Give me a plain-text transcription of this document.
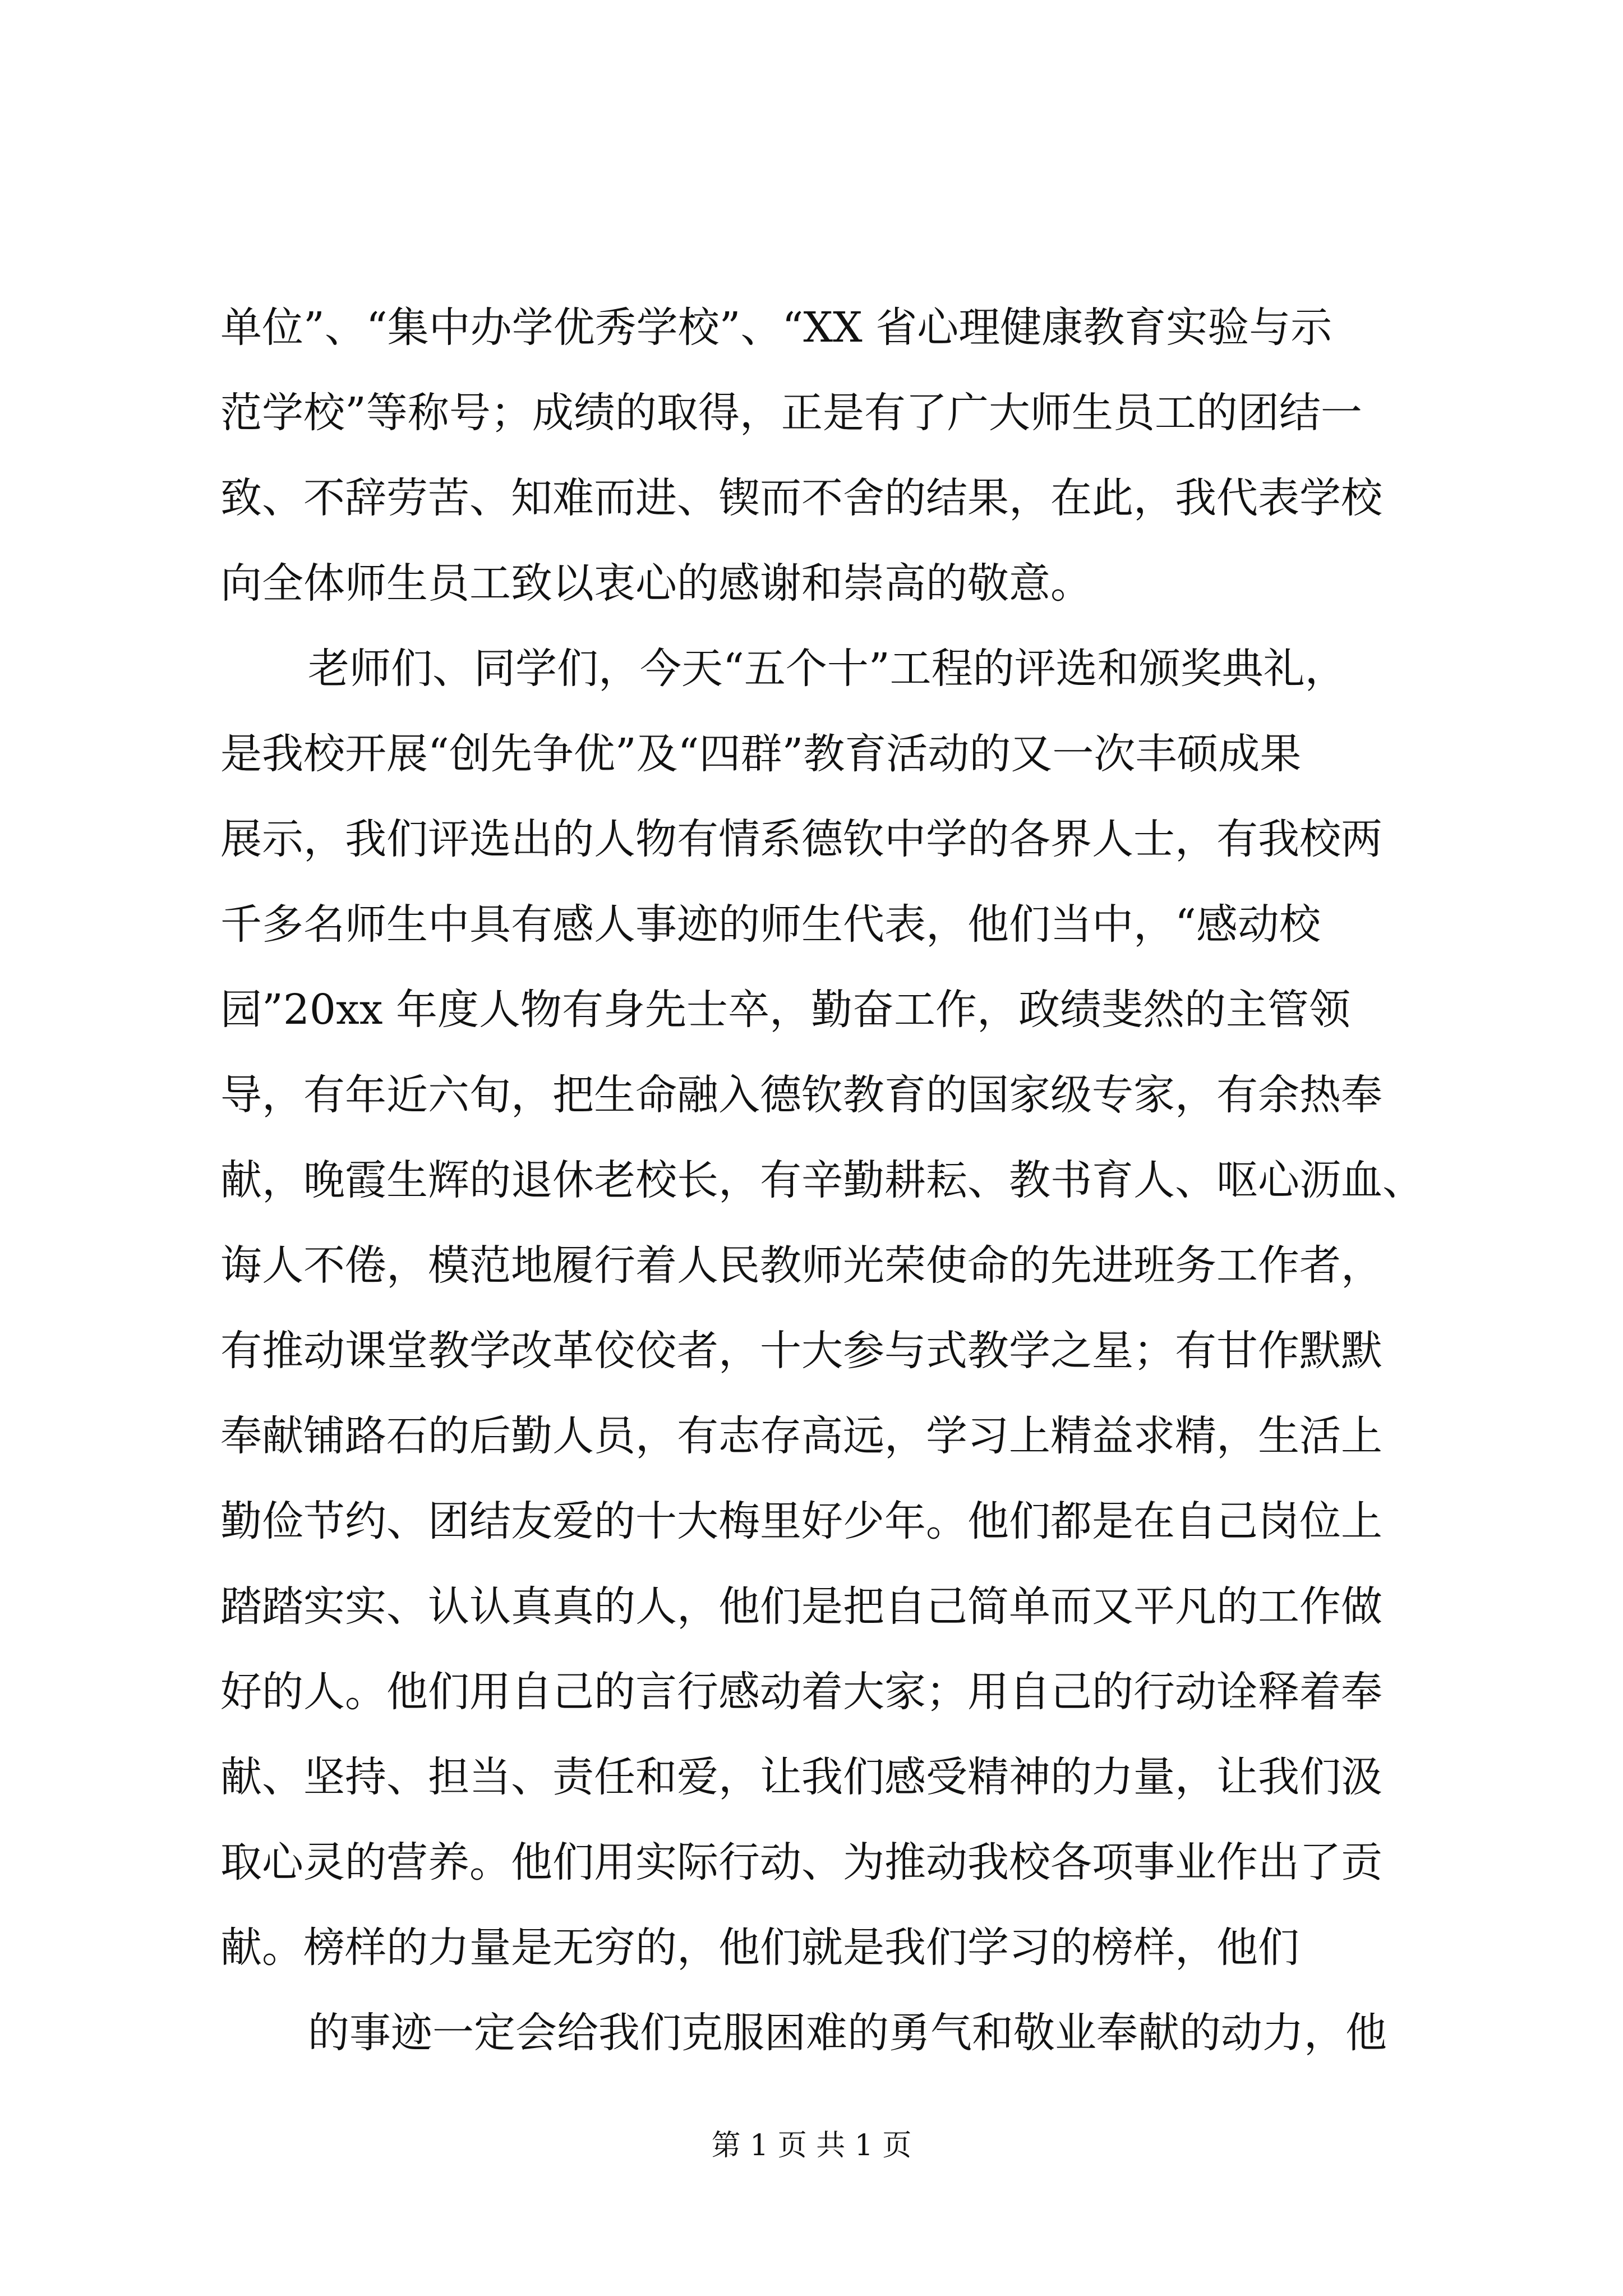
单位”、“集中办学优秀学校”、“XX 省心理健康教育实验与示
范学校”等称号；成绩的取得，正是有了广大师生员工的团结一
致、不辞劳苦、知难而进、锲而不舍的结果，在此，我代表学校
向全体师生员工致以衷心的感谢和崇高的敬意。
老师们、同学们，今天“五个十”工程的评选和颁奖典礼，
是我校开展“创先争优”及“四群”教育活动的又一次丰硕成果
展示，我们评选出的人物有情系德钦中学的各界人士，有我校两
千多名师生中具有感人事迹的师生代表，他们当中，“感动校
园”20xx 年度人物有身先士卒，勤奋工作，政绩斐然的主管领
导，有年近六旬，把生命融入德钦教育的国家级专家，有余热奉
献，晚霞生辉的退休老校长，有辛勤耕耘、教书育人、呕心沥血、
诲人不倦，模范地履行着人民教师光荣使命的先进班务工作者，
有推动课堂教学改革佼佼者，十大参与式教学之星；有甘作默默
奉献铺路石的后勤人员，有志存高远，学习上精益求精，生活上
勤俭节约、团结友爱的十大梅里好少年。他们都是在自己岗位上
踏踏实实、认认真真的人，他们是把自己简单而又平凡的工作做
好的人。他们用自己的言行感动着大家；用自己的行动诠释着奉
献、坚持、担当、责任和爱，让我们感受精神的力量，让我们汲
取心灵的营养。他们用实际行动、为推动我校各项事业作出了贡
献。榜样的力量是无穷的，他们就是我们学习的榜样，他们
的事迹一定会给我们克服困难的勇气和敬业奉献的动力，他
第 1 页 共 1 页
